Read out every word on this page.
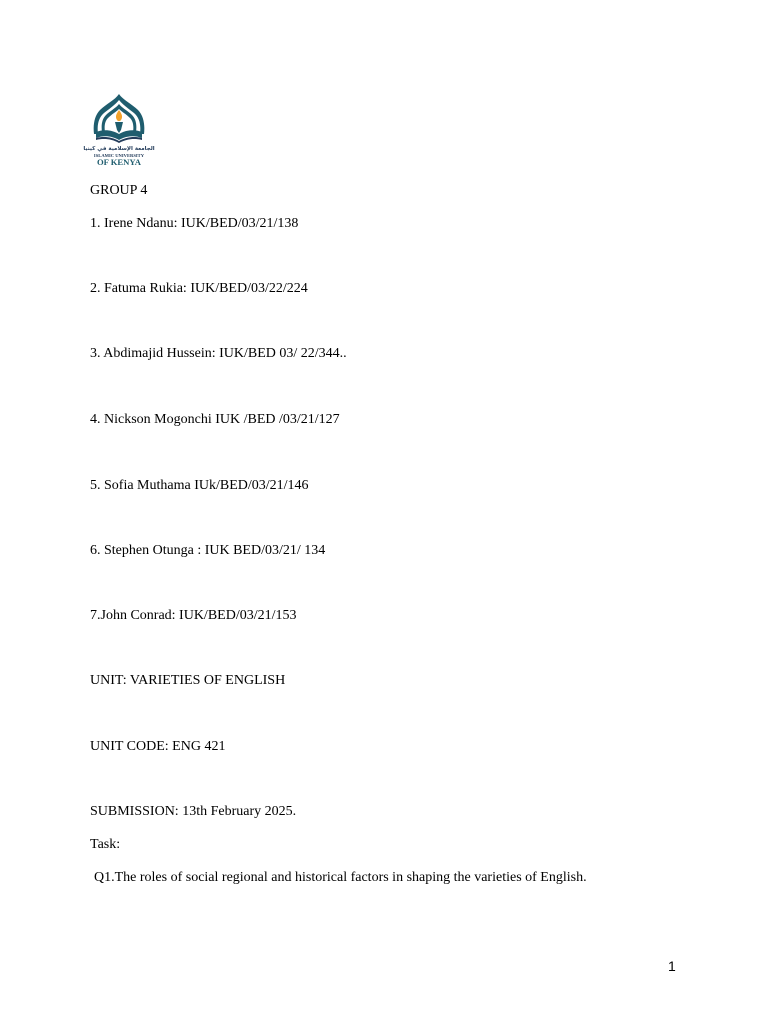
الجامعة الإسلامية في كينيا
ISLAMIC UNIVERSITY
OF KENYA
GROUP 4
1. Irene Ndanu: IUK/BED/03/21/138
2. Fatuma Rukia: IUK/BED/03/22/224
3. Abdimajid Hussein: IUK/BED 03/ 22/344..
4. Nickson Mogonchi IUK /BED /03/21/127
5. Sofia Muthama IUk/BED/03/21/146
6. Stephen Otunga : IUK BED/03/21/ 134
7.John Conrad: IUK/BED/03/21/153
UNIT: VARIETIES OF ENGLISH
UNIT CODE: ENG 421
SUBMISSION: 13th February 2025.
Task:
Q1.The roles of social regional and historical factors in shaping the varieties of English.
1
